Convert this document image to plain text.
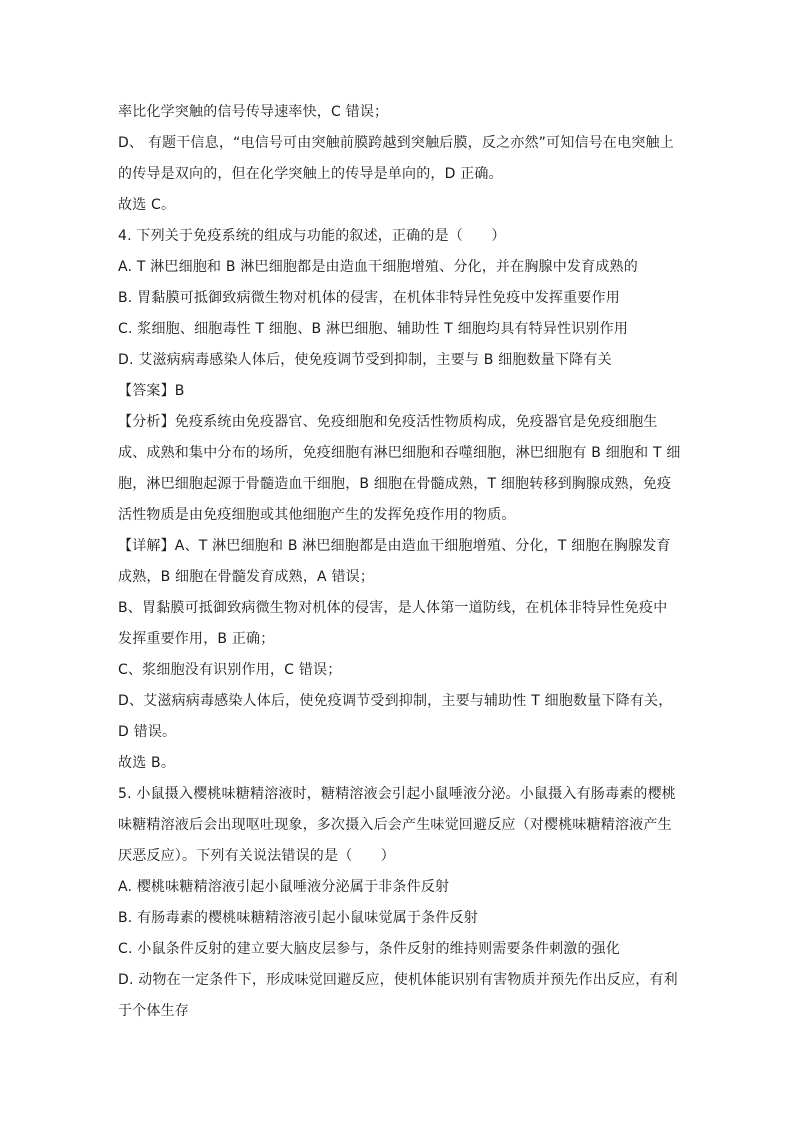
率比化学突触的信号传导速率快，C 错误；
D、 有题干信息，“电信号可由突触前膜跨越到突触后膜，反之亦然”可知信号在电突触上
的传导是双向的，但在化学突触上的传导是单向的，D 正确。
故选 C。
4. 下列关于免疫系统的组成与功能的叙述，正确的是（　　）
A. T 淋巴细胞和 B 淋巴细胞都是由造血干细胞增殖、分化，并在胸腺中发育成熟的
B. 胃黏膜可抵御致病微生物对机体的侵害，在机体非特异性免疫中发挥重要作用
C. 浆细胞、细胞毒性 T 细胞、B 淋巴细胞、辅助性 T 细胞均具有特异性识别作用
D. 艾滋病病毒感染人体后，使免疫调节受到抑制，主要与 B 细胞数量下降有关
【答案】B
【分析】免疫系统由免疫器官、免疫细胞和免疫活性物质构成，免疫器官是免疫细胞生
成、成熟和集中分布的场所，免疫细胞有淋巴细胞和吞噬细胞，淋巴细胞有 B 细胞和 T 细
胞，淋巴细胞起源于骨髓造血干细胞，B 细胞在骨髓成熟，T 细胞转移到胸腺成熟，免疫
活性物质是由免疫细胞或其他细胞产生的发挥免疫作用的物质。
【详解】A、T 淋巴细胞和 B 淋巴细胞都是由造血干细胞增殖、分化，T 细胞在胸腺发育
成熟，B 细胞在骨髓发育成熟，A 错误；
B、胃黏膜可抵御致病微生物对机体的侵害，是人体第一道防线，在机体非特异性免疫中
发挥重要作用，B 正确；
C、浆细胞没有识别作用，C 错误；
D、艾滋病病毒感染人体后，使免疫调节受到抑制，主要与辅助性 T 细胞数量下降有关，
D 错误。
故选 B。
5. 小鼠摄入樱桃味糖精溶液时，糖精溶液会引起小鼠唾液分泌。小鼠摄入有肠毒素的樱桃
味糖精溶液后会出现呕吐现象，多次摄入后会产生味觉回避反应（对樱桃味糖精溶液产生
厌恶反应）。下列有关说法错误的是（　　）
A. 樱桃味糖精溶液引起小鼠唾液分泌属于非条件反射
B. 有肠毒素的樱桃味糖精溶液引起小鼠味觉属于条件反射
C. 小鼠条件反射的建立要大脑皮层参与，条件反射的维持则需要条件刺激的强化
D. 动物在一定条件下，形成味觉回避反应，使机体能识别有害物质并预先作出反应，有利
于个体生存
